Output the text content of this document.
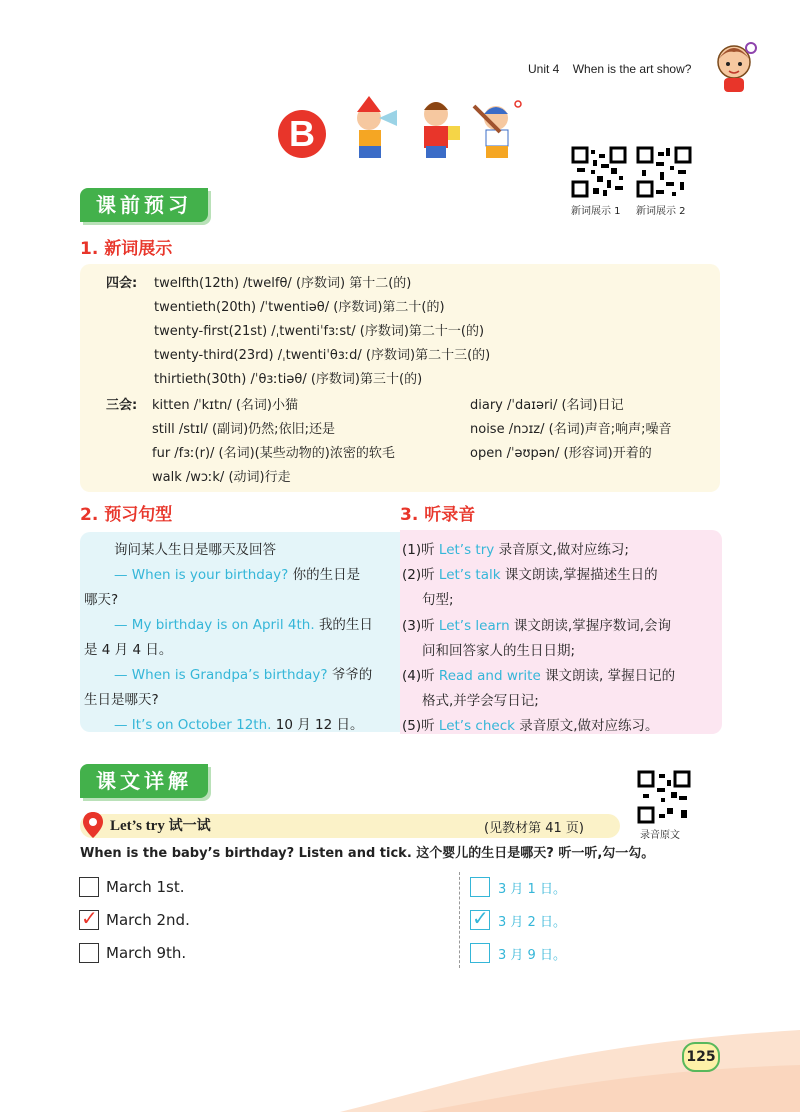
Unit 4 When is the art show?
B
新词展示 1 新词展示 2
课前预习
1. 新词展示
四会: twelfth(12th) /twelfθ/ (序数词) 第十二(的)
twentieth(20th) /ˈtwentiəθ/ (序数词)第二十(的)
twenty-first(21st) /ˌtwentiˈfɜːst/ (序数词)第二十一(的)
twenty-third(23rd) /ˌtwentiˈθɜːd/ (序数词)第二十三(的)
thirtieth(30th) /ˈθɜːtiəθ/ (序数词)第三十(的)
三会: kitten /ˈkɪtn/ (名词)小猫
still /stɪl/ (副词)仍然;依旧;还是
fur /fɜː(r)/ (名词)(某些动物的)浓密的软毛
walk /wɔːk/ (动词)行走
diary /ˈdaɪəri/ (名词)日记
noise /nɔɪz/ (名词)声音;响声;噪音
open /ˈəʊpən/ (形容词)开着的
2. 预习句型	3. 听录音
询问某人生日是哪天及回答
— When is your birthday? 你的生日是
哪天?
— My birthday is on April 4th. 我的生日
是 4 月 4 日。
— When is Grandpa’s birthday? 爷爷的
生日是哪天?
— It’s on October 12th. 10 月 12 日。
(1)听 Let’s try 录音原文,做对应练习;
(2)听 Let’s talk 课文朗读,掌握描述生日的
句型;
(3)听 Let’s learn 课文朗读,掌握序数词,会询
问和回答家人的生日日期;
(4)听 Read and write 课文朗读, 掌握日记的
格式,并学会写日记;
(5)听 Let’s check 录音原文,做对应练习。
课文详解
录音原文
Let’s try 试一试	(见教材第 41 页)
When is the baby’s birthday? Listen and tick. 这个婴儿的生日是哪天? 听一听,勾一勾。
March 1st.
✓ March 2nd.
March 9th.
3 月 1 日。
✓ 3 月 2 日。
3 月 9 日。
125
